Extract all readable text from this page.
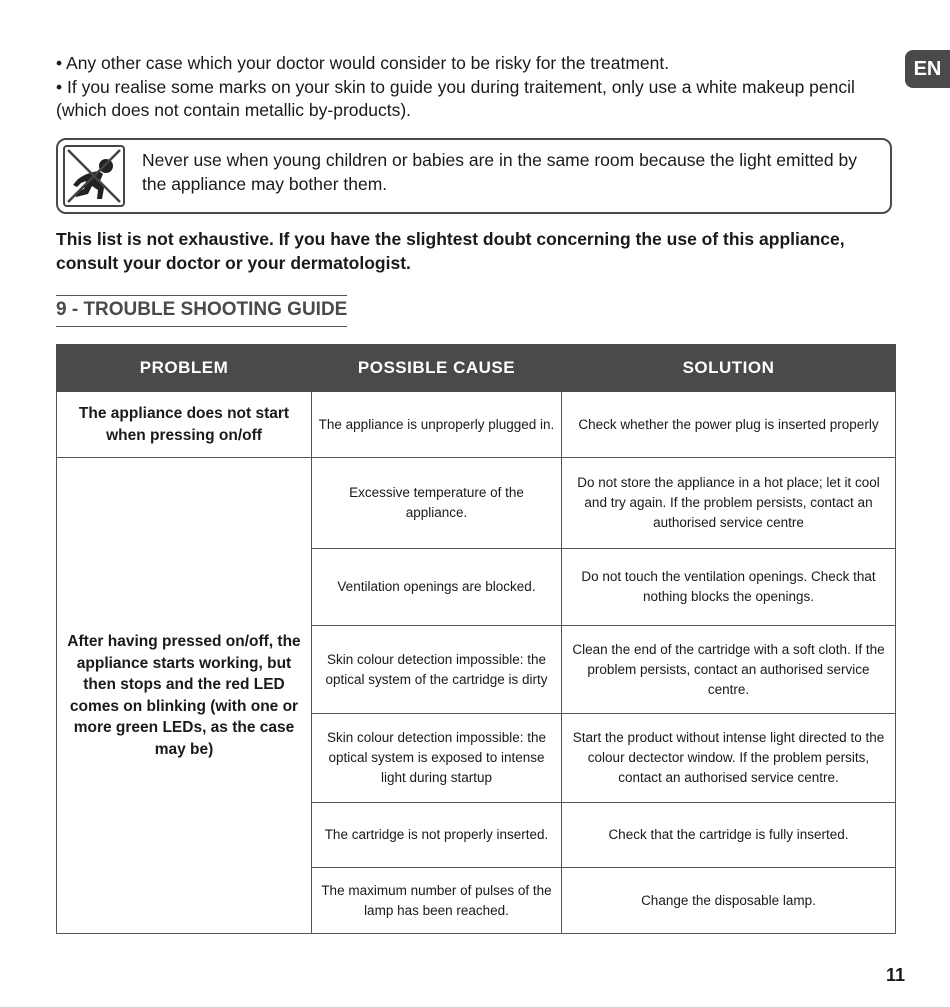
• Any other case which your doctor would consider to be risky for the treatment.

• If you realise some marks on your skin to guide you during traitement, only use a white makeup pencil (which does not contain metallic by-products).

EN
Never use when young children or babies are in the same room because the light emitted by the appliance may bother them.
This list is not exhaustive. If you have the slightest doubt concerning the use of this appliance, consult your doctor or your dermatologist.
9 - TROUBLE SHOOTING GUIDE
PROBLEM	POSSIBLE CAUSE	SOLUTION
The appliance does not start when pressing on/off	The appliance is unproperly plugged in.	Check whether the power plug is inserted properly
After having pressed on/off, the appliance starts working, but then stops and the red LED comes on blinking (with one or more green LEDs, as the case may be)	Excessive temperature of the appliance.	Do not store the appliance in a hot place; let it cool and try again. If the problem persists, contact an authorised service centre
	Ventilation openings are blocked.	Do not touch the ventilation openings. Check that nothing blocks the openings.
	Skin colour detection impossible: the optical system of the cartridge is dirty	Clean the end of the cartridge with a soft cloth. If the problem persists, contact an authorised service centre.
	Skin colour detection impossible: the optical system is exposed to intense light during startup	Start the product without intense light directed to the colour dectector window. If the problem persits, contact an authorised service centre.
	The cartridge is not properly inserted.	Check that the cartridge is fully inserted.
	The maximum number of pulses of the lamp has been reached.	Change the disposable lamp.
11
